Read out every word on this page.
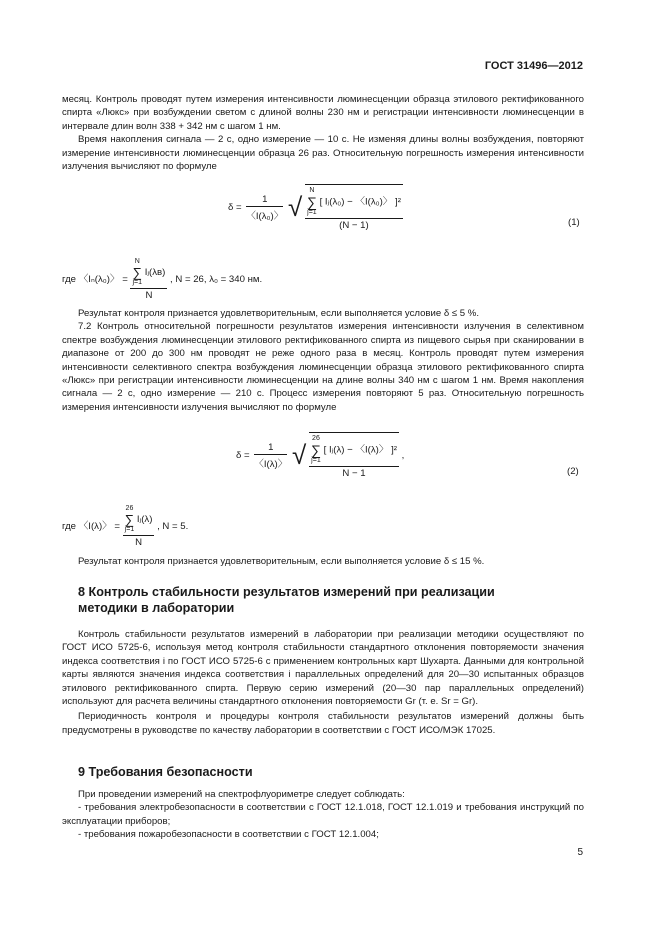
ГОСТ 31496—2012

месяц. Контроль проводят путем измерения интенсивности люминесценции образца этилового ректификованного спирта «Люкс» при возбуждении светом с длиной волны 230 нм и регистрации интенсивности люминесценции в интервале длин волн 338 + 342 нм с шагом 1 нм.

Время накопления сигнала — 2 с, одно измерение — 10 с. Не изменяя длины волны возбуждения, повторяют измерение интенсивности люминесценции образца 26 раз. Относительную погрешность измерения интенсивности излучения вычисляют по формуле

$\delta = \frac{1}{\text{〈I(λ₀)〉}}$ √
N
∑
j=1
[ Iⱼ(λ₀) − 〈I(λ₀)〉 ]²
(N − 1)	(1)
где 〈Iₙ(λ₀)〉 = N
∑
j=1
Iⱼ(λв)
N , N = 26, λ₀ = 340 нм.

Результат контроля признается удовлетворительным, если выполняется условие δ ≤ 5 %.

7.2 Контроль относительной погрешности результатов измерения интенсивности излучения в селективном спектре возбуждения люминесценции этилового ректификованного спирта из пищевого сырья при сканировании в диапазоне от 200 до 300 нм проводят не реже одного раза в месяц. Контроль проводят путем измерения интенсивности селективного спектра возбуждения люминесценции образца этилового ректификованного спирта «Люкс» при регистрации интенсивности люминесценции на длине волны 340 нм с шагом 1 нм. Время накопления сигнала — 2 с, одно измерение — 210 с. Процесс измерения повторяют 5 раз. Относительную погрешность измерения интенсивности излучения вычисляют по формуле

$\delta = \frac{1}{〈I(\lambda)〉}$ √
26
∑
j=1
[ Iⱼ(λ) − 〈I(λ)〉 ]²
N − 1
,
(2)
где 〈I(λ)〉 = 26
∑
j=1
Iⱼ(λ)
N , N = 5.

Результат контроля признается удовлетворительным, если выполняется условие δ ≤ 15 %.

8 Контроль стабильности результатов измерений при реализации
методики в лаборатории

Контроль стабильности результатов измерений в лаборатории при реализации методики осуществляют по ГОСТ ИСО 5725-6, используя метод контроля стабильности стандартного отклонения повторяемости значения индекса соответствия i по ГОСТ ИСО 5725-6 с применением контрольных карт Шухарта. Данными для контрольной карты являются значения индекса соответствия i параллельных определений для 20—30 испытанных образцов этилового ректификованного спирта. Первую серию измерений (20—30 пар параллельных определений) используют для расчета величины стандартного отклонения повторяемости Gr (т. е. Sr = Gr).

Периодичность контроля и процедуры контроля стабильности результатов измерений должны быть предусмотрены в руководстве по качеству лаборатории в соответствии с ГОСТ ИСО/МЭК 17025.

9 Требования безопасности

При проведении измерений на спектрофлуориметре следует соблюдать:

- требования электробезопасности в соответствии с ГОСТ 12.1.018, ГОСТ 12.1.019 и требования инструкций по эксплуатации приборов;

- требования пожаробезопасности в соответствии с ГОСТ 12.1.004;

5
